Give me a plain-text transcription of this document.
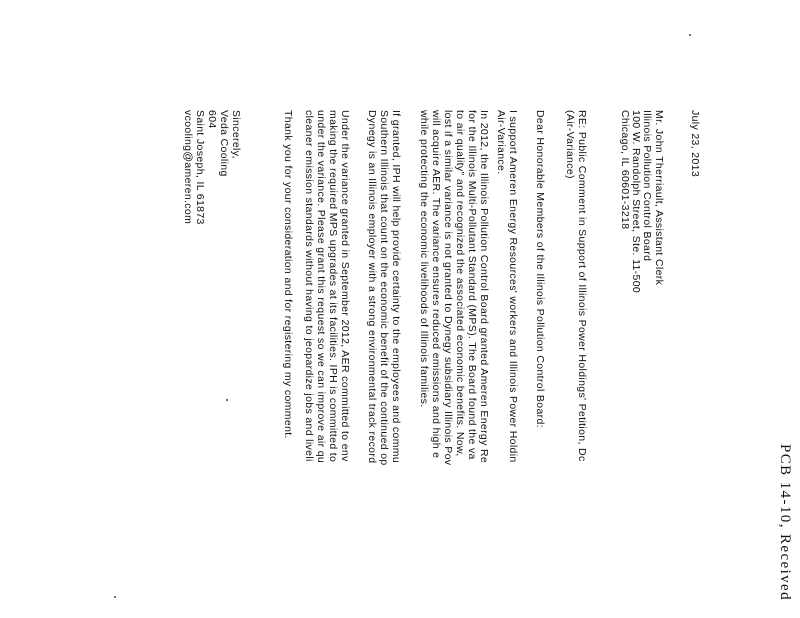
PCB 14-10, Received
July 23, 2013
Mr. John Therriault, Assistant Clerk
Illinois Pollution Control Board
100 W. Randolph Street, Ste. 11-500
Chicago, IL 60601-3218
RE: Public Comment in Support of Illinois Power Holdings' Petition, Dc
(Air-Variance)
Dear Honorable Members of the Illinois Pollution Control Board:
I support Ameren Energy Resources' workers and Illinois Power Holdin
Air-Variance.
In 2012, the Illinois Pollution Control Board granted Ameren Energy Re
for the Illinois Multi-Pollutant Standard (MPS). The Board found the va
to air quality" and recognized the associated economic benefits. Now,
lost if a similar variance is not granted to Dynegy subsidiary Illinois Pov
will acquire AER. The variance ensures reduced emissions and high e
while protecting the economic livelihoods of Illinois families.
If granted, IPH will help provide certainty to the employees and commu
Southern Illinois that count on the economic benefit of the continued op
Dynegy is an Illinois employer with a strong environmental track record
Under the variance granted in September 2012, AER committed to env
making the required MPS upgrades at its facilities. IPH is committed to
under the variance. Please grant this request so we can improve air qu
cleaner emission standards without having to jeopardize jobs and liveli
Thank you for your consideration and for registering my comment.
Sincerely,
Veda Cooling
604
Saint Joseph, IL 61873
vcooling@ameren.com
